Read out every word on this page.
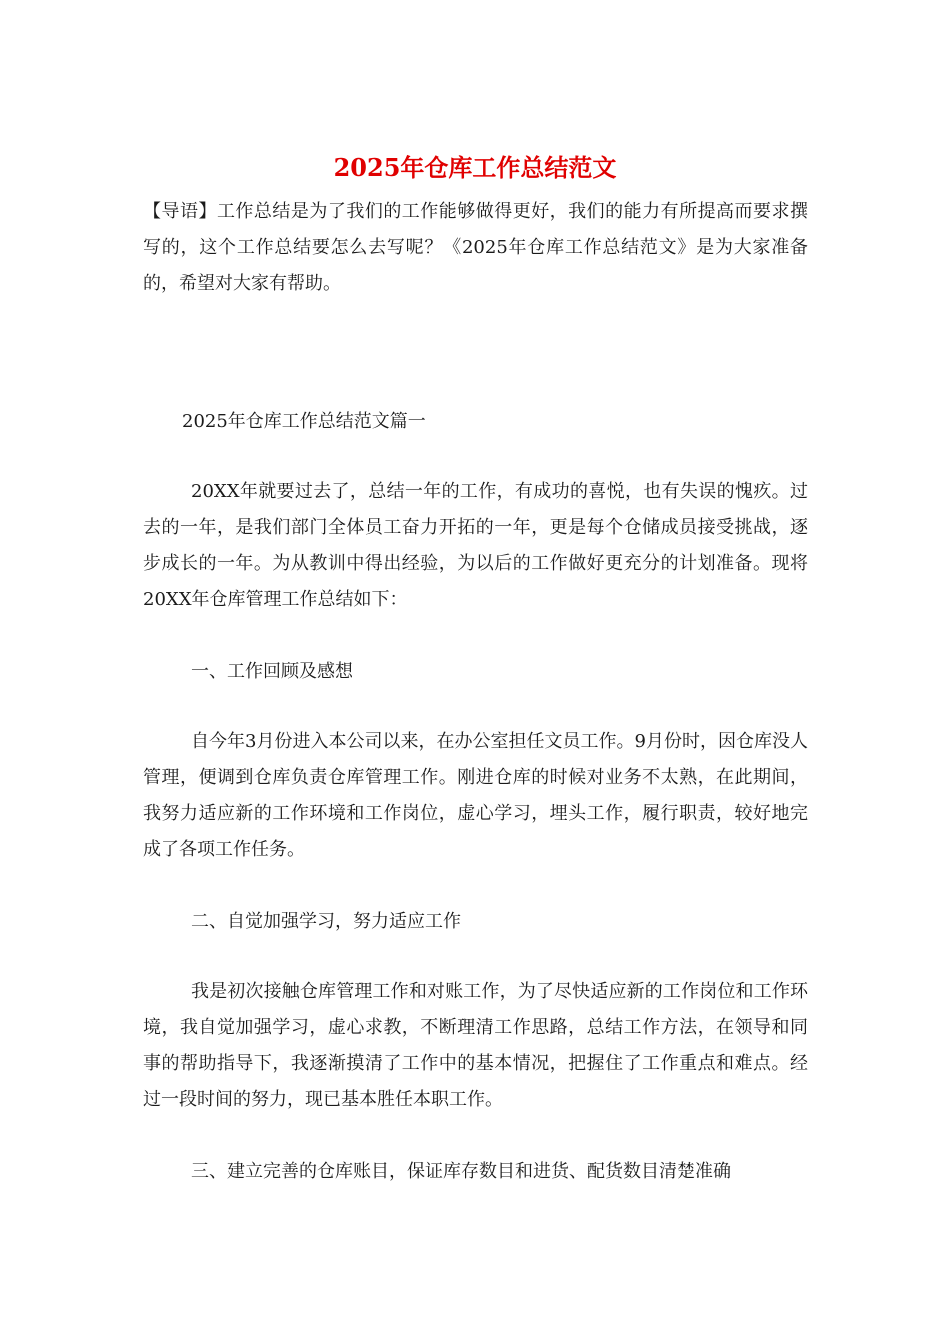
2025年仓库工作总结范文

【导语】工作总结是为了我们的工作能够做得更好，我们的能力有所提高而要求撰写的，这个工作总结要怎么去写呢？《2025年仓库工作总结范文》是为大家准备的，希望对大家有帮助。

2025年仓库工作总结范文篇一

20XX年就要过去了，总结一年的工作，有成功的喜悦，也有失误的愧疚。过去的一年，是我们部门全体员工奋力开拓的一年，更是每个仓储成员接受挑战，逐步成长的一年。为从教训中得出经验，为以后的工作做好更充分的计划准备。现将20XX年仓库管理工作总结如下：

一、工作回顾及感想

自今年3月份进入本公司以来，在办公室担任文员工作。9月份时，因仓库没人管理，便调到仓库负责仓库管理工作。刚进仓库的时候对业务不太熟，在此期间，我努力适应新的工作环境和工作岗位，虚心学习，埋头工作，履行职责，较好地完成了各项工作任务。

二、自觉加强学习，努力适应工作

我是初次接触仓库管理工作和对账工作，为了尽快适应新的工作岗位和工作环境，我自觉加强学习，虚心求教，不断理清工作思路，总结工作方法，在领导和同事的帮助指导下，我逐渐摸清了工作中的基本情况，把握住了工作重点和难点。经过一段时间的努力，现已基本胜任本职工作。

三、建立完善的仓库账目，保证库存数目和进货、配货数目清楚准确
